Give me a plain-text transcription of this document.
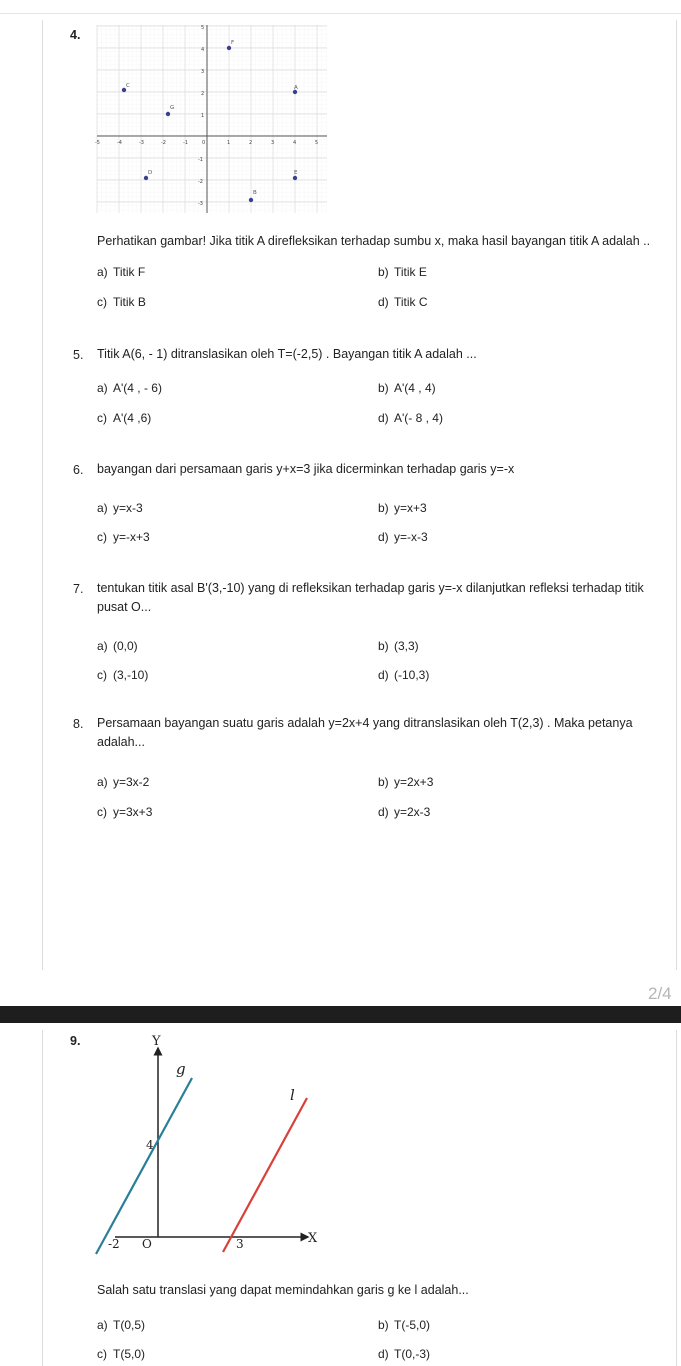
4.
-5	-4	-3	-2	-1	0	1	2	3	4	5
5
4
3
2
1
-1
-2
-3
F
C	A
G
D	E
B
Perhatikan gambar! Jika titik A direfleksikan terhadap sumbu x, maka hasil bayangan titik A adalah ..
a) Titik F	b) Titik E
c) Titik B	d) Titik C
5. Titik A(6, - 1) ditranslasikan oleh T=(-2,5) . Bayangan titik A adalah ...
a) A'(4 , - 6)	b) A'(4 , 4)
c) A'(4 ,6)	d) A'(- 8 , 4)
6. bayangan dari persamaan garis y+x=3 jika dicerminkan terhadap garis y=-x
a) y=x-3	b) y=x+3
c) y=-x+3	d) y=-x-3
7. tentukan titik asal B'(3,-10) yang di refleksikan terhadap garis y=-x dilanjutkan refleksi terhadap titik
pusat O...
a) (0,0)	b) (3,3)
c) (3,-10)	d) (-10,3)
8. Persamaan bayangan suatu garis adalah y=2x+4 yang ditranslasikan oleh T(2,3) . Maka petanya
adalah...
a) y=3x-2	b) y=2x+3
c) y=3x+3	d) y=2x-3
2/4
9.	Y
X
g
l
4
-2 O	3
Salah satu translasi yang dapat memindahkan garis g ke l adalah...
a) T(0,5)	b) T(-5,0)
c) T(5,0)	d) T(0,-3)
